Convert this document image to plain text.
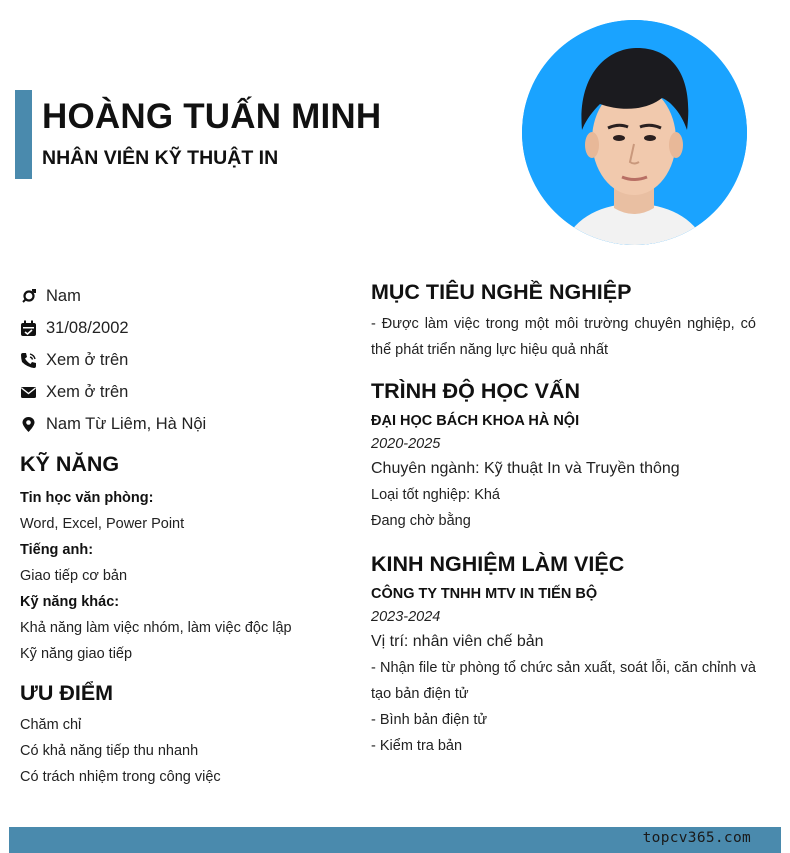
HOÀNG TUẤN MINH
NHÂN VIÊN KỸ THUẬT IN
Nam
31/08/2002
Xem ở trên
Xem ở trên
Nam Từ Liêm, Hà Nội
KỸ NĂNG
Tin học văn phòng:
Word, Excel, Power Point
Tiếng anh:
Giao tiếp cơ bản
Kỹ năng khác:
Khả năng làm việc nhóm, làm việc độc lập
Kỹ năng giao tiếp
ƯU ĐIỂM
Chăm chỉ
Có khả năng tiếp thu nhanh
Có trách nhiệm trong công việc
MỤC TIÊU NGHỀ NGHIỆP
- Được làm việc trong một môi trường chuyên nghiệp, có thể phát triển năng lực hiệu quả nhất
TRÌNH ĐỘ HỌC VẤN
ĐẠI HỌC BÁCH KHOA HÀ NỘI
2020-2025
Chuyên ngành: Kỹ thuật In và Truyền thông
Loại tốt nghiệp: Khá
Đang chờ bằng
KINH NGHIỆM LÀM VIỆC
CÔNG TY TNHH MTV IN TIẾN BỘ
2023-2024
Vị trí: nhân viên chế bản
- Nhận file từ phòng tổ chức sản xuất, soát lỗi, căn chỉnh và tạo bản điện tử
- Bình bản điện tử
- Kiểm tra bản
topcv365.com
